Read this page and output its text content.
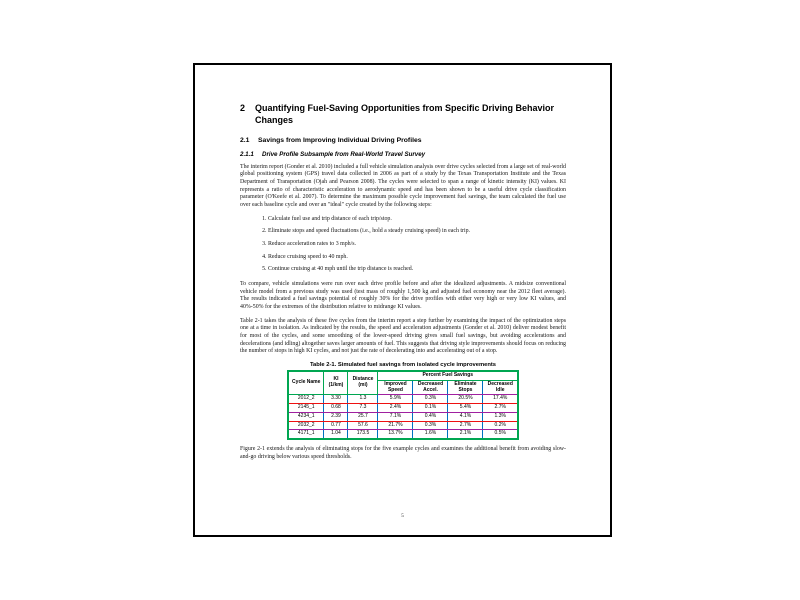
2	Quantifying Fuel-Saving Opportunities from Specific Driving Behavior Changes
2.1	Savings from Improving Individual Driving Profiles
2.1.1	Drive Profile Subsample from Real-World Travel Survey

The interim report (Gonder et al. 2010) included a full vehicle simulation analysis over drive cycles selected from a large set of real-world global positioning system (GPS) travel data collected in 2006 as part of a study by the Texas Transportation Institute and the Texas Department of Transportation (Ojah and Pearson 2008). The cycles were selected to span a range of kinetic intensity (KI) values. KI represents a ratio of characteristic acceleration to aerodynamic speed and has been shown to be a useful drive cycle classification parameter (O'Keefe et al. 2007). To determine the maximum possible cycle improvement fuel savings, the team calculated the fuel use over each baseline cycle and over an "ideal" cycle created by the following steps:

1. Calculate fuel use and trip distance of each trip/stop.
2. Eliminate stops and speed fluctuations (i.e., hold a steady cruising speed) in each trip.
3. Reduce acceleration rates to 3 mph/s.
4. Reduce cruising speed to 40 mph.
5. Continue cruising at 40 mph until the trip distance is reached.

To compare, vehicle simulations were run over each drive profile before and after the idealized adjustments. A midsize conventional vehicle model from a previous study was used (test mass of roughly 1,500 kg and adjusted fuel economy near the 2012 fleet average). The results indicated a fuel savings potential of roughly 30% for the drive profiles with either very high or very low KI values, and 40%-50% for the extremes of the distribution relative to midrange KI values.

Table 2-1 takes the analysis of these five cycles from the interim report a step further by examining the impact of the optimization steps one at a time in isolation. As indicated by the results, the speed and acceleration adjustments (Gonder et al. 2010) deliver modest benefit for most of the cycles, and some smoothing of the lower-speed driving gives small fuel savings, but avoiding accelerations and decelerations (and idling) altogether saves larger amounts of fuel. This suggests that driving style improvements should focus on reducing the number of stops in high KI cycles, and not just the rate of decelerating into and accelerating out of a stop.

Table 2-1. Simulated fuel savings from isolated cycle improvements
Cycle Name	KI (1/km)	Distance (mi)	Percent Fuel Savings			
			Improved Speed	Decreased Accel.	Eliminate Stops	Decreased Idle
2012_2	3.30	1.3	5.9%	0.3%	20.5%	17.4%
2145_1	0.68	7.3	2.4%	0.1%	5.4%	2.7%
4234_1	2.39	25.7	7.1%	0.4%	4.1%	1.3%
2032_2	0.77	57.6	21.7%	0.3%	2.7%	0.2%
4171_1	1.04	173.5	13.7%	1.6%	2.1%	0.5%

Figure 2-1 extends the analysis of eliminating stops for the five example cycles and examines the additional benefit from avoiding slow-and-go driving below various speed thresholds.

5
